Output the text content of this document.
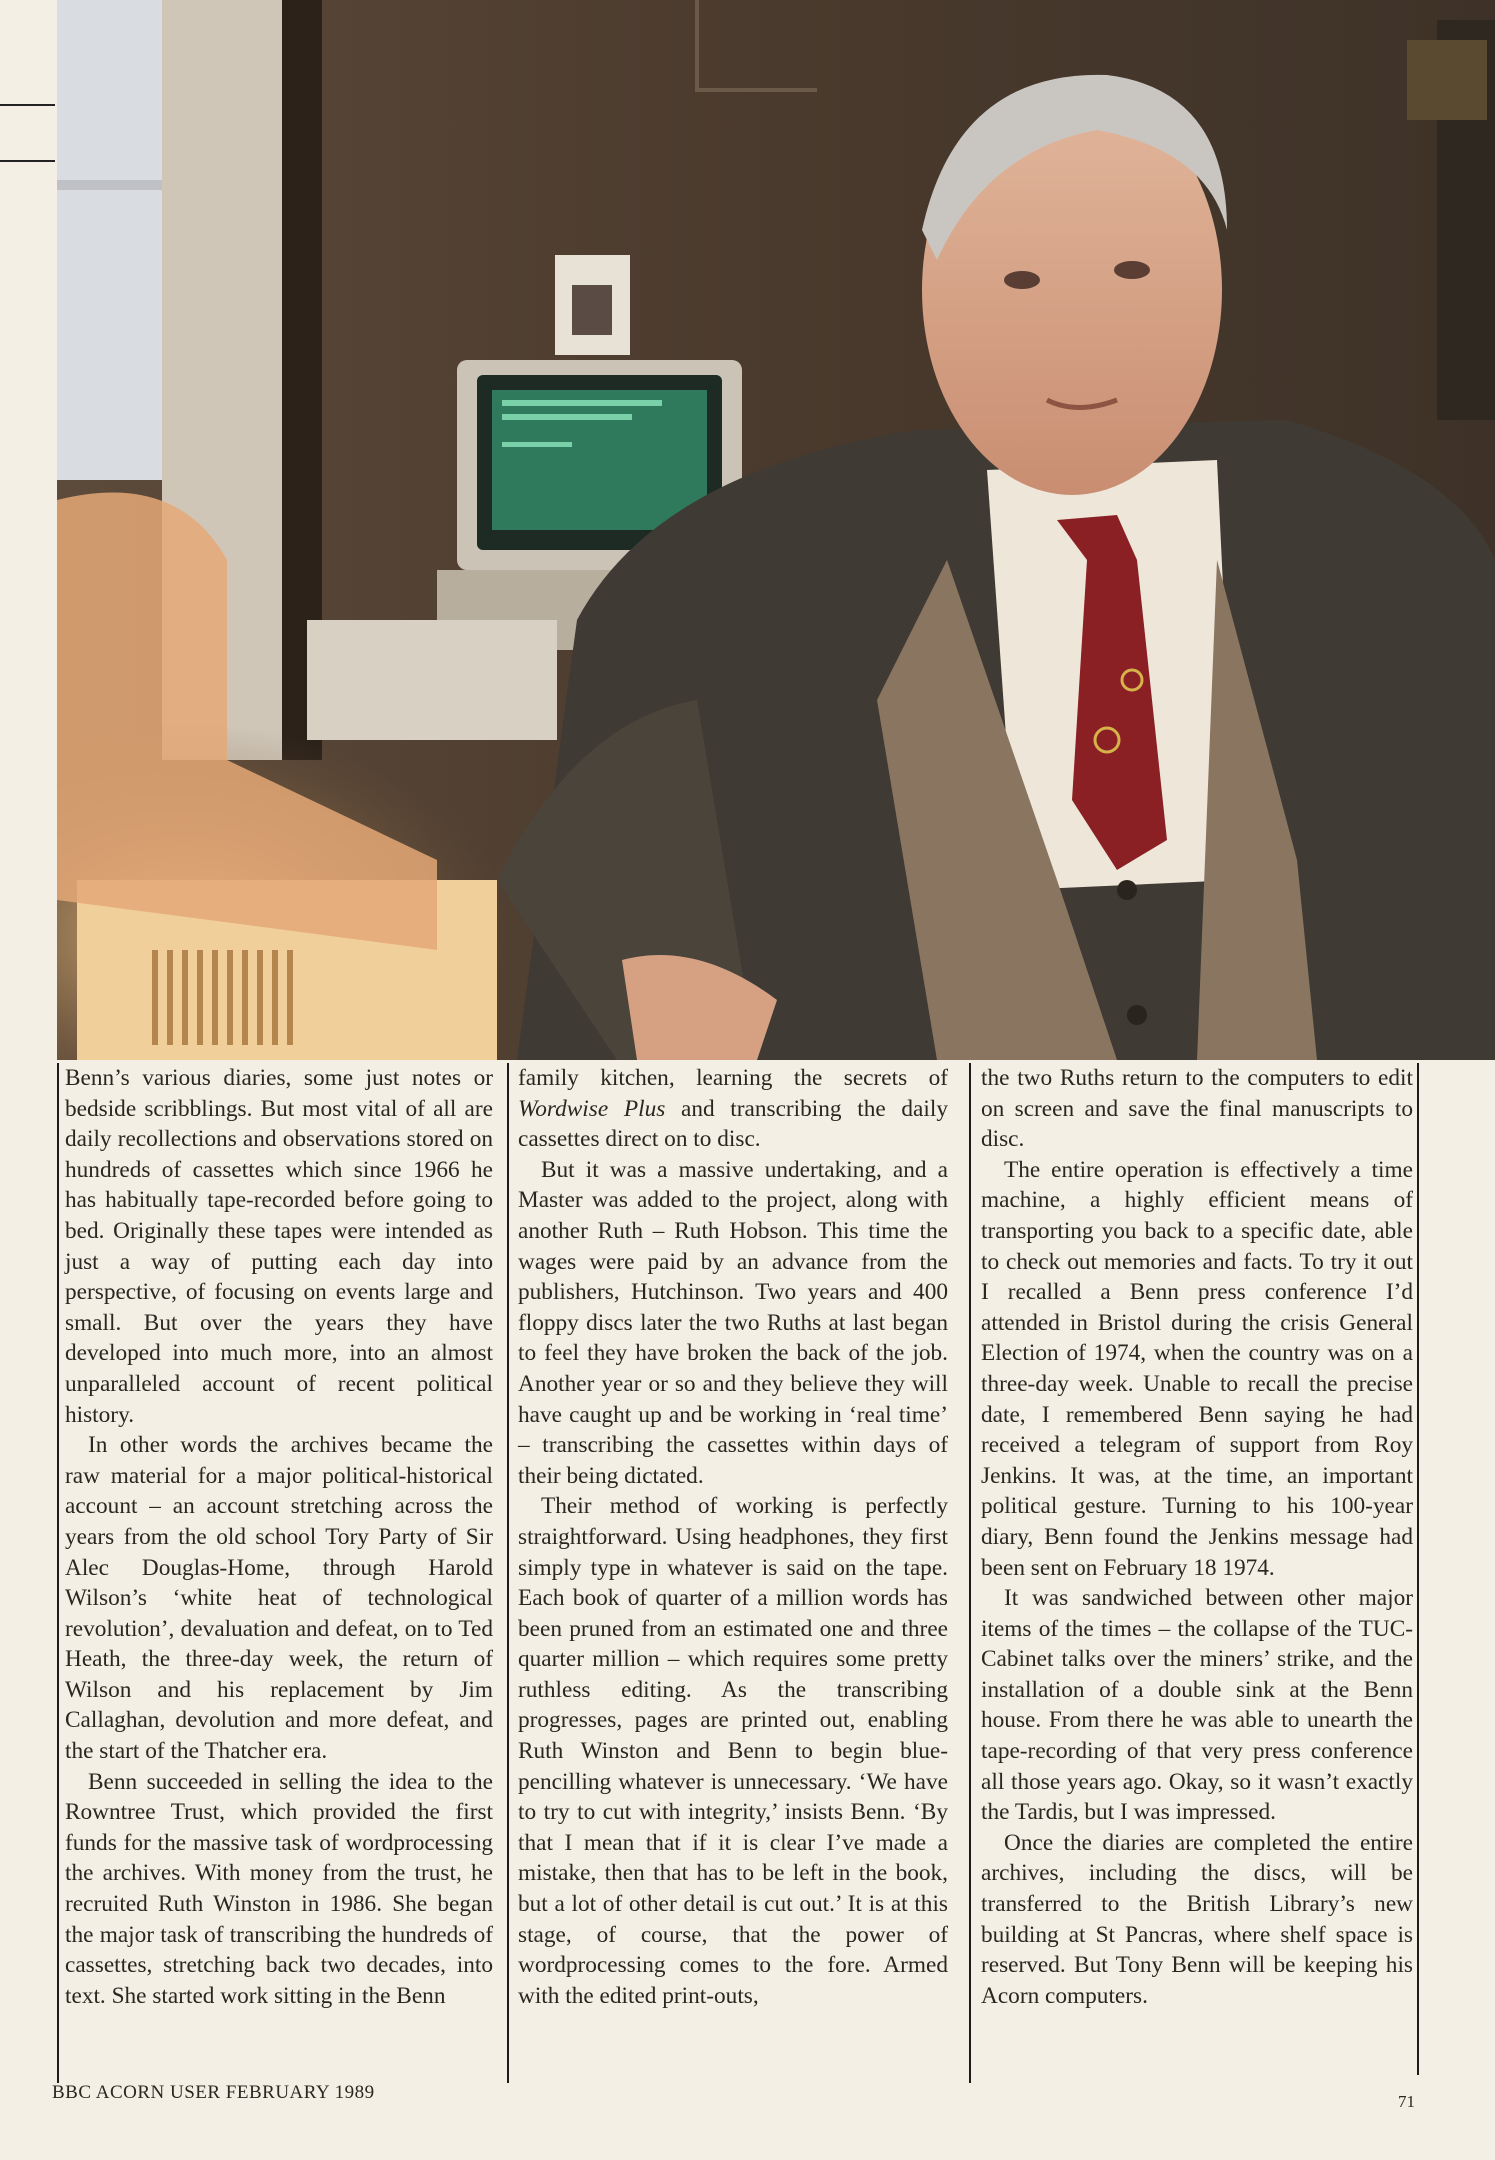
Benn’s various diaries, some just notes or bedside scribblings. But most vital of all are daily recollections and observations stored on hundreds of cassettes which since 1966 he has habitually tape-recorded before going to bed. Originally these tapes were intended as just a way of putting each day into perspective, of focusing on events large and small. But over the years they have developed into much more, into an almost unparalleled account of recent political history.

In other words the archives became the raw material for a major political-historical account – an account stretching across the years from the old school Tory Party of Sir Alec Douglas-Home, through Harold Wilson’s ‘white heat of technological revolution’, devaluation and defeat, on to Ted Heath, the three-day week, the return of Wilson and his replacement by Jim Callaghan, devolution and more defeat, and the start of the Thatcher era.

Benn succeeded in selling the idea to the Rowntree Trust, which provided the first funds for the massive task of wordprocessing the archives. With money from the trust, he recruited Ruth Winston in 1986. She began the major task of transcribing the hundreds of cassettes, stretching back two decades, into text. She started work sitting in the Benn

family kitchen, learning the secrets of Wordwise Plus and transcribing the daily cassettes direct on to disc.

But it was a massive undertaking, and a Master was added to the project, along with another Ruth – Ruth Hobson. This time the wages were paid by an advance from the publishers, Hutchinson. Two years and 400 floppy discs later the two Ruths at last began to feel they have broken the back of the job. Another year or so and they believe they will have caught up and be working in ‘real time’ – transcribing the cassettes within days of their being dictated.

Their method of working is perfectly straightforward. Using headphones, they first simply type in whatever is said on the tape. Each book of quarter of a million words has been pruned from an estimated one and three quarter million – which requires some pretty ruthless editing. As the transcribing progresses, pages are printed out, enabling Ruth Winston and Benn to begin blue-pencilling whatever is unnecessary. ‘We have to try to cut with integrity,’ insists Benn. ‘By that I mean that if it is clear I’ve made a mistake, then that has to be left in the book, but a lot of other detail is cut out.’ It is at this stage, of course, that the power of wordprocessing comes to the fore. Armed with the edited print-outs,

the two Ruths return to the computers to edit on screen and save the final manuscripts to disc.

The entire operation is effectively a time machine, a highly efficient means of transporting you back to a specific date, able to check out memories and facts. To try it out I recalled a Benn press conference I’d attended in Bristol during the crisis General Election of 1974, when the country was on a three-day week. Unable to recall the precise date, I remembered Benn saying he had received a telegram of support from Roy Jenkins. It was, at the time, an important political gesture. Turning to his 100-year diary, Benn found the Jenkins message had been sent on February 18 1974.

It was sandwiched between other major items of the times – the collapse of the TUC-Cabinet talks over the miners’ strike, and the installation of a double sink at the Benn house. From there he was able to unearth the tape-recording of that very press conference all those years ago. Okay, so it wasn’t exactly the Tardis, but I was impressed.

Once the diaries are completed the entire archives, including the discs, will be transferred to the British Library’s new building at St Pancras, where shelf space is reserved. But Tony Benn will be keeping his Acorn computers.

BBC ACORN USER FEBRUARY 1989	71
